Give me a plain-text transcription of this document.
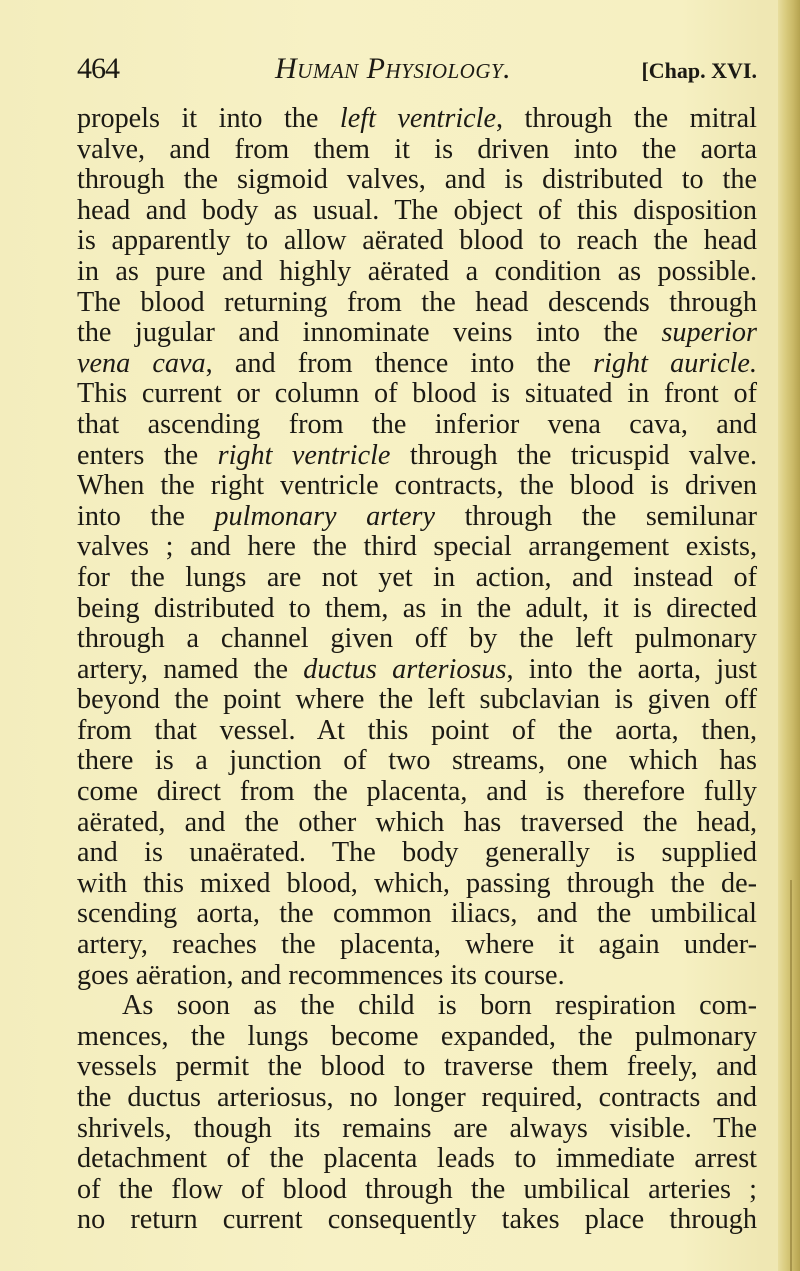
464	Human Physiology.	[Chap. XVI.
propels it into the left ventricle, through the mitral
valve, and from them it is driven into the aorta
through the sigmoid valves, and is distributed to the
head and body as usual. The object of this disposition
is apparently to allow aërated blood to reach the head
in as pure and highly aërated a condition as possible.
The blood returning from the head descends through
the jugular and innominate veins into the superior
vena cava, and from thence into the right auricle.
This current or column of blood is situated in front of
that ascending from the inferior vena cava, and
enters the right ventricle through the tricuspid valve.
When the right ventricle contracts, the blood is driven
into the pulmonary artery through the semilunar
valves ; and here the third special arrangement exists,
for the lungs are not yet in action, and instead of
being distributed to them, as in the adult, it is directed
through a channel given off by the left pulmonary
artery, named the ductus arteriosus, into the aorta, just
beyond the point where the left subclavian is given off
from that vessel. At this point of the aorta, then,
there is a junction of two streams, one which has
come direct from the placenta, and is therefore fully
aërated, and the other which has traversed the head,
and is unaërated. The body generally is supplied
with this mixed blood, which, passing through the de-
scending aorta, the common iliacs, and the umbilical
artery, reaches the placenta, where it again under-
goes aëration, and recommences its course.
As soon as the child is born respiration com-
mences, the lungs become expanded, the pulmonary
vessels permit the blood to traverse them freely, and
the ductus arteriosus, no longer required, contracts and
shrivels, though its remains are always visible. The
detachment of the placenta leads to immediate arrest
of the flow of blood through the umbilical arteries ;
no return current consequently takes place through
